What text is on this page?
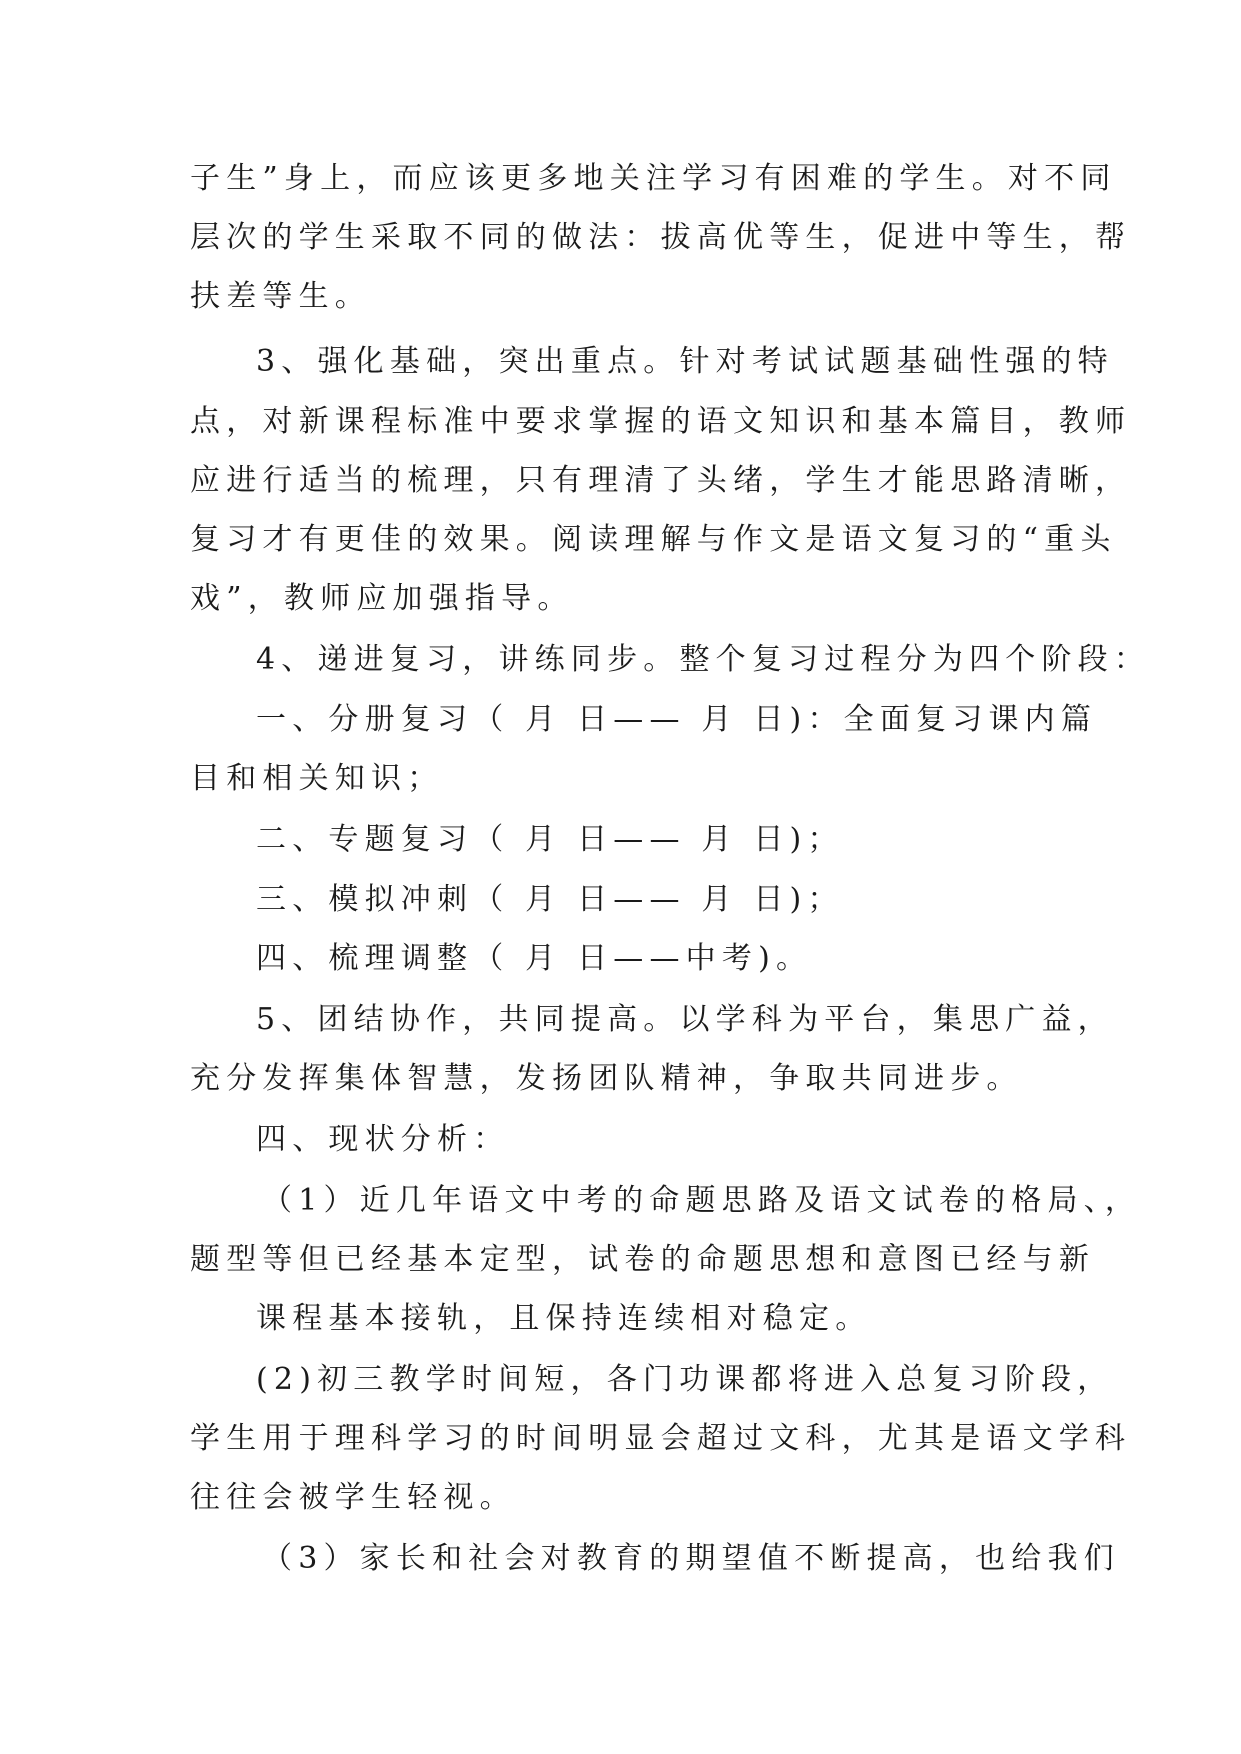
子生”身上，而应该更多地关注学习有困难的学生。对不同
层次的学生采取不同的做法：拔高优等生，促进中等生，帮
扶差等生。
3、强化基础，突出重点。针对考试试题基础性强的特
点，对新课程标准中要求掌握的语文知识和基本篇目，教师
应进行适当的梳理，只有理清了头绪，学生才能思路清晰，
复习才有更佳的效果。阅读理解与作文是语文复习的“重头
戏”，教师应加强指导。
4、递进复习，讲练同步。整个复习过程分为四个阶段：
一、分册复习（ 月 日—— 月 日)：全面复习课内篇
目和相关知识；
二、专题复习（ 月 日—— 月 日)；
三、模拟冲刺（ 月 日—— 月 日)；
四、梳理调整（ 月 日——中考)。
5、团结协作，共同提高。以学科为平台，集思广益，
充分发挥集体智慧，发扬团队精神，争取共同进步。
四、现状分析：
（1）近几年语文中考的命题思路及语文试卷的格局、，
题型等但已经基本定型，试卷的命题思想和意图已经与新
课程基本接轨，且保持连续相对稳定。
(2)初三教学时间短，各门功课都将进入总复习阶段，
学生用于理科学习的时间明显会超过文科，尤其是语文学科
往往会被学生轻视。
（3）家长和社会对教育的期望值不断提高，也给我们
